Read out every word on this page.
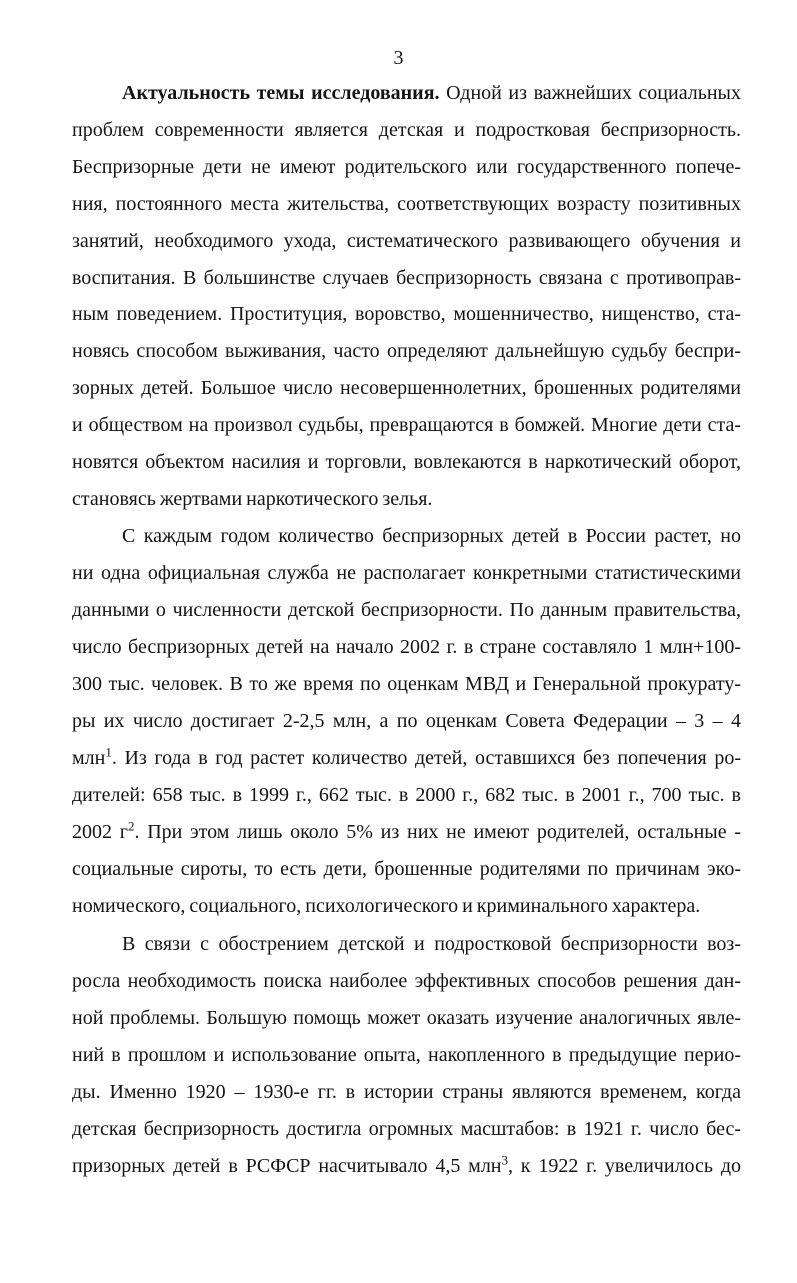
3
Актуальность темы исследования. Одной из важнейших социальных
проблем современности является детская и подростковая беспризорность.
Беспризорные дети не имеют родительского или государственного попече-
ния, постоянного места жительства, соответствующих возрасту позитивных
занятий, необходимого ухода, систематического развивающего обучения и
воспитания. В большинстве случаев беспризорность связана с противоправ-
ным поведением. Проституция, воровство, мошенничество, нищенство, ста-
новясь способом выживания, часто определяют дальнейшую судьбу беспри-
зорных детей. Большое число несовершеннолетних, брошенных родителями
и обществом на произвол судьбы, превращаются в бомжей. Многие дети ста-
новятся объектом насилия и торговли, вовлекаются в наркотический оборот,
становясь жертвами наркотического зелья.
С каждым годом количество беспризорных детей в России растет, но
ни одна официальная служба не располагает конкретными статистическими
данными о численности детской беспризорности. По данным правительства,
число беспризорных детей на начало 2002 г. в стране составляло 1 млн+100-
300 тыс. человек. В то же время по оценкам МВД и Генеральной прокурату-
ры их число достигает 2-2,5 млн, а по оценкам Совета Федерации – 3 – 4
млн$^1$. Из года в год растет количество детей, оставшихся без попечения ро-
дителей: 658 тыс. в 1999 г., 662 тыс. в 2000 г., 682 тыс. в 2001 г., 700 тыс. в
2002 г$^2$. При этом лишь около 5% из них не имеют родителей, остальные -
социальные сироты, то есть дети, брошенные родителями по причинам эко-
номического, социального, психологического и криминального характера.
В связи с обострением детской и подростковой беспризорности воз-
росла необходимость поиска наиболее эффективных способов решения дан-
ной проблемы. Большую помощь может оказать изучение аналогичных явле-
ний в прошлом и использование опыта, накопленного в предыдущие перио-
ды. Именно 1920 – 1930-е гг. в истории страны являются временем, когда
детская беспризорность достигла огромных масштабов: в 1921 г. число бес-
призорных детей в РСФСР насчитывало 4,5 млн$^3$, к 1922 г. увеличилось до
